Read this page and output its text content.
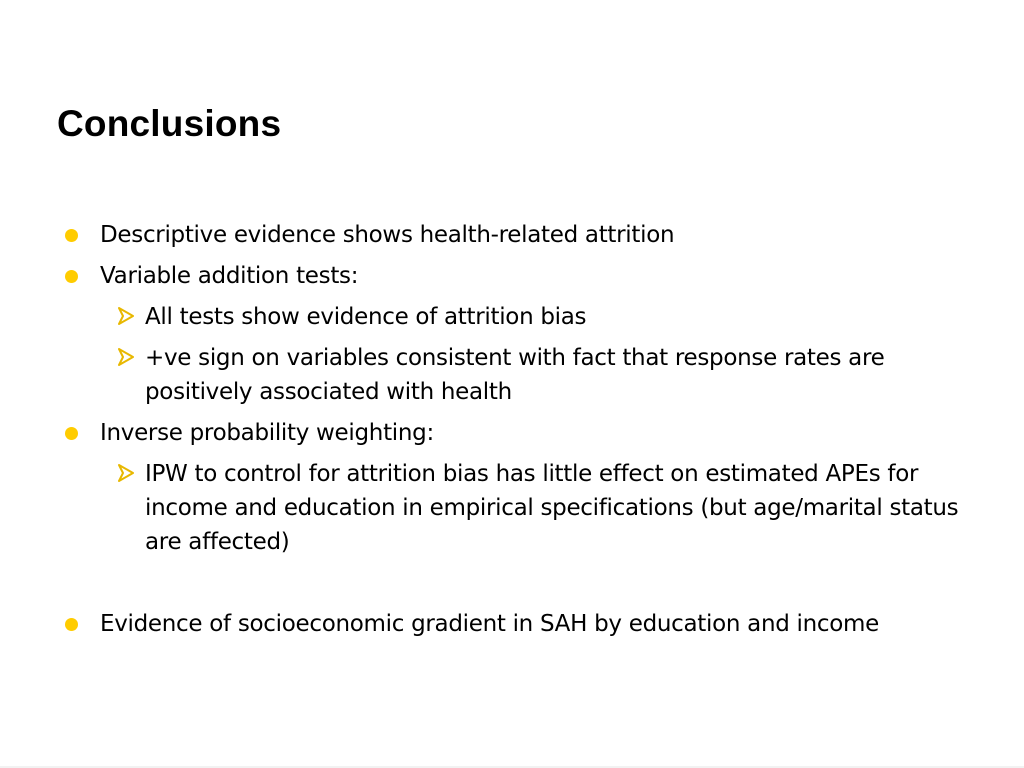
Conclusions
Descriptive evidence shows health-related attrition
Variable addition tests:
All tests show evidence of attrition bias
+ve sign on variables consistent with fact that response rates are positively associated with health
Inverse probability weighting:
IPW to control for attrition bias has little effect on estimated APEs for income and education in empirical specifications (but age/marital status are affected)
Evidence of socioeconomic gradient in SAH by education and income
